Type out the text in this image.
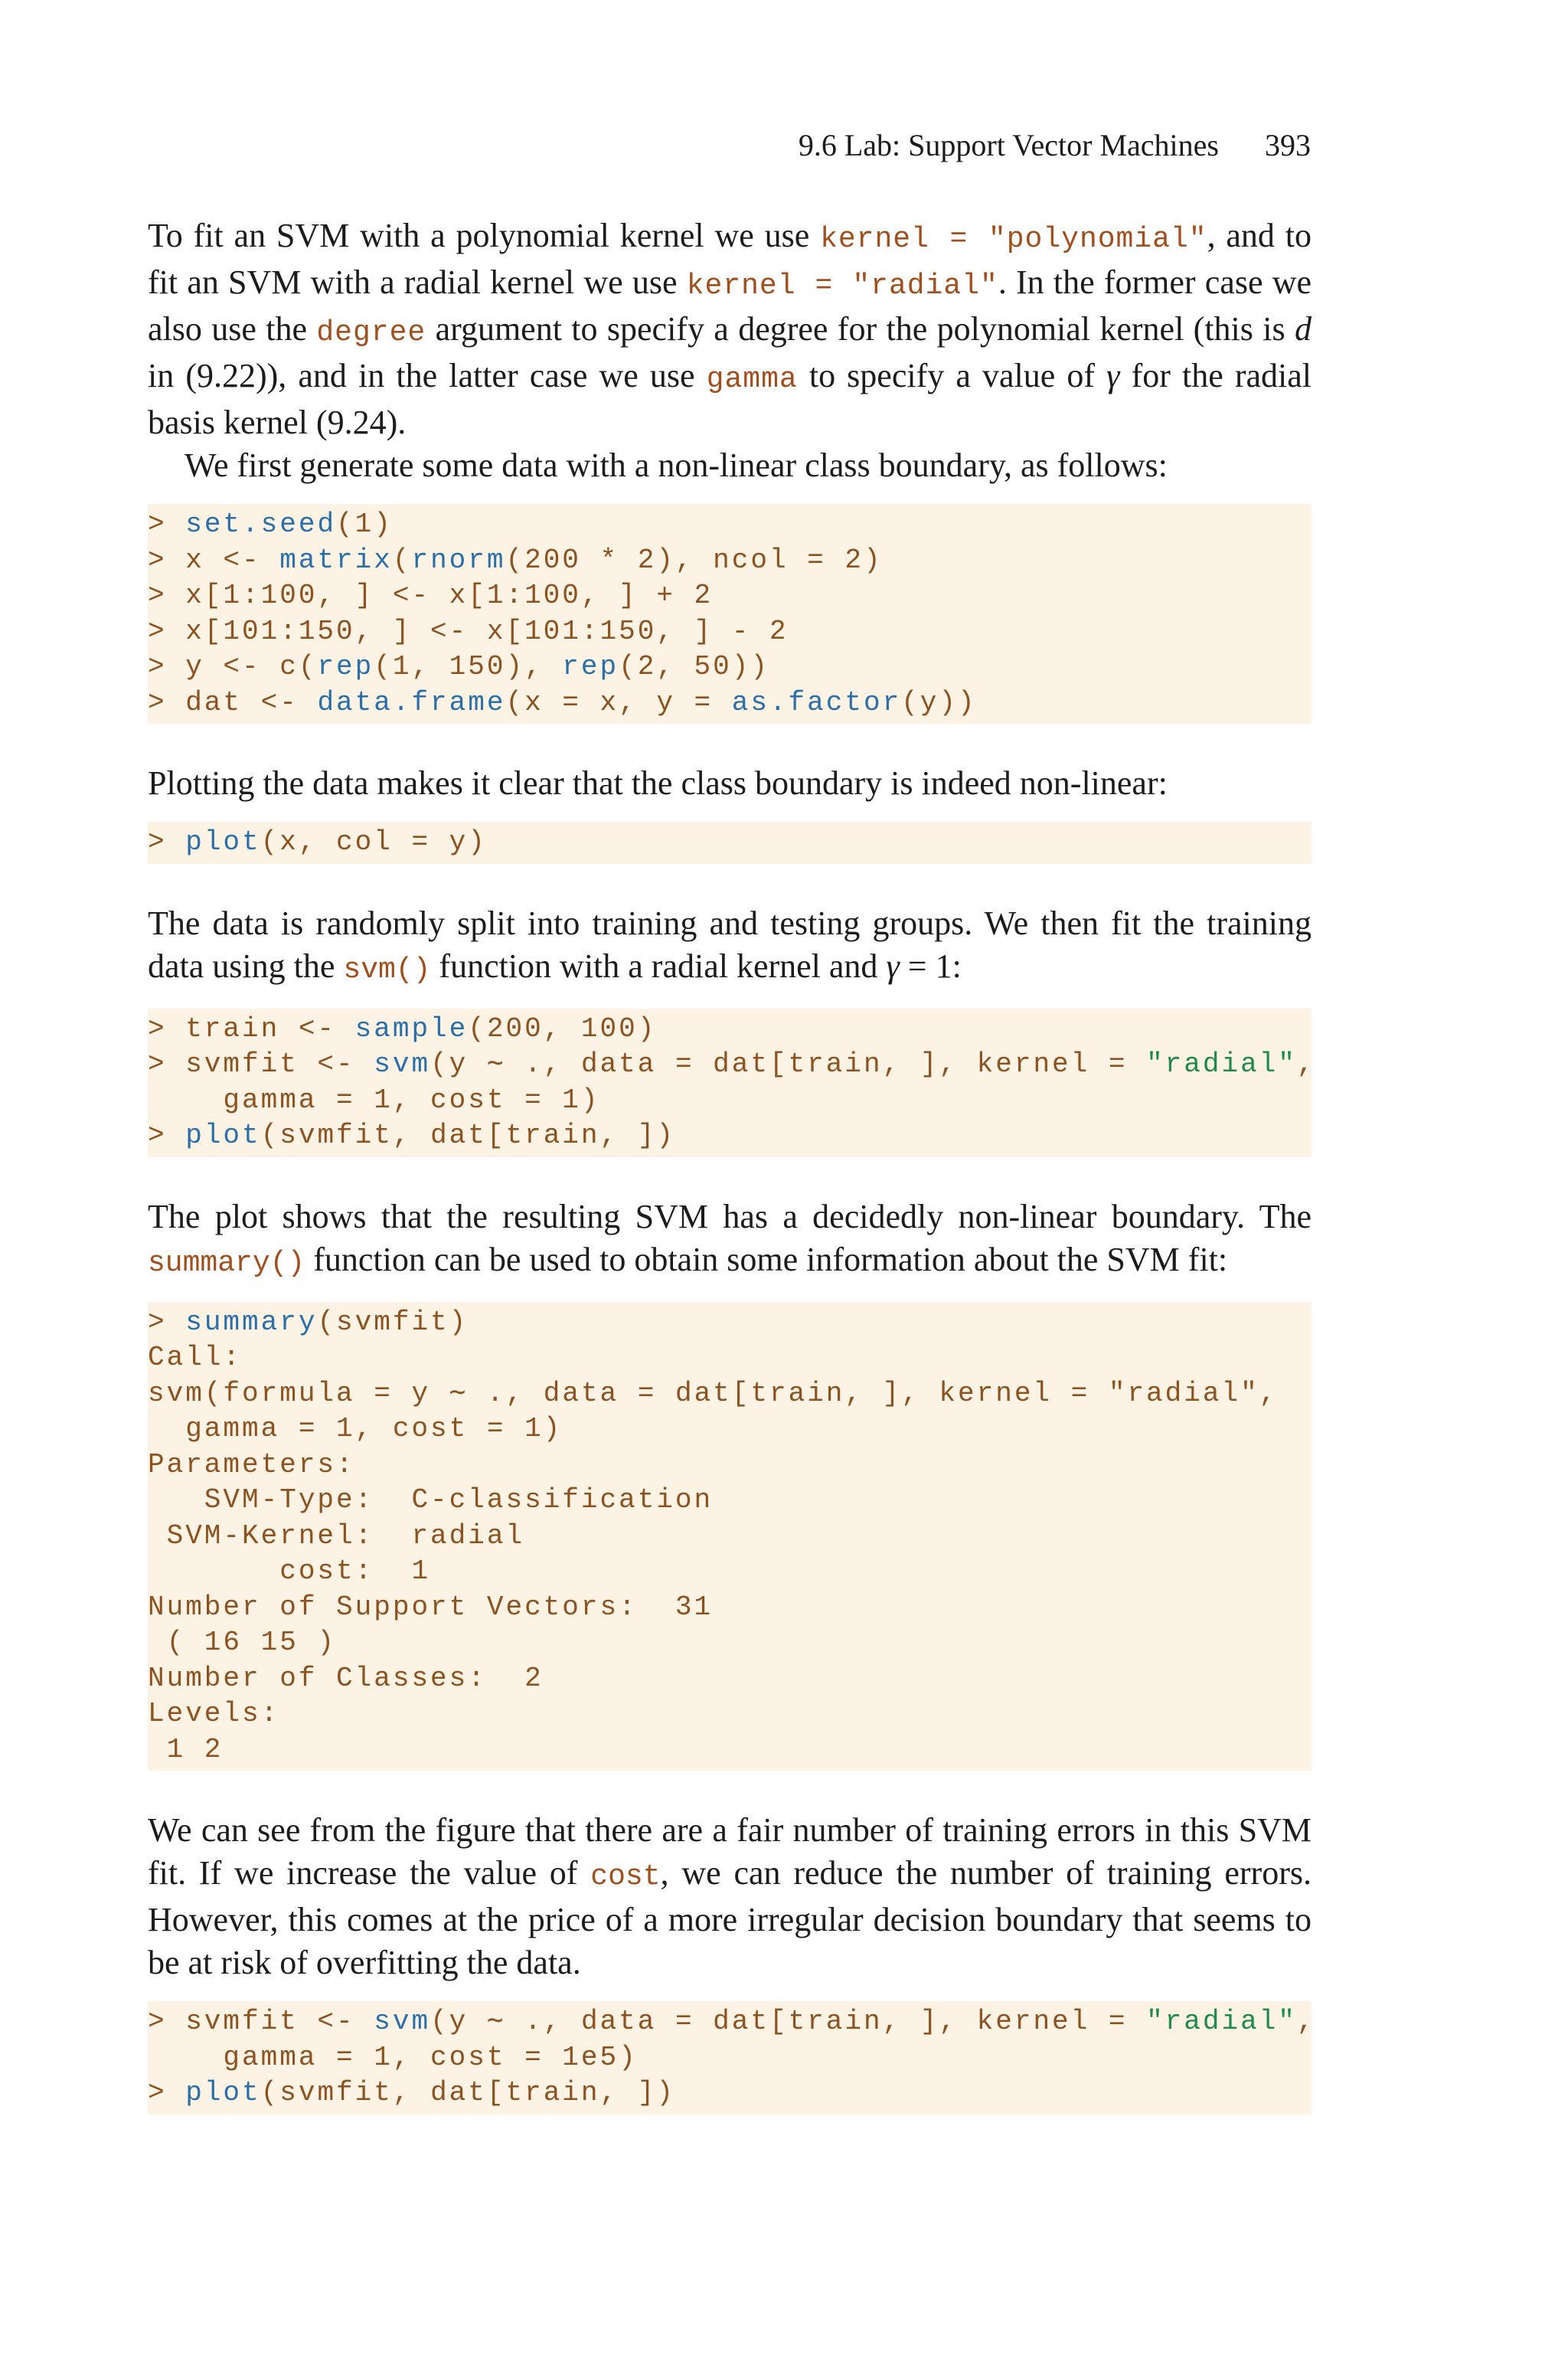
9.6 Lab: Support Vector Machines 393

To fit an SVM with a polynomial kernel we use kernel = "polynomial", and to fit an SVM with a radial kernel we use kernel = "radial". In the former case we also use the degree argument to specify a degree for the polynomial kernel (this is d in (9.22)), and in the latter case we use gamma to specify a value of γ for the radial basis kernel (9.24).

We first generate some data with a non-linear class boundary, as follows:

> set.seed(1)
> x <- matrix(rnorm(200 * 2), ncol = 2)
> x[1:100, ] <- x[1:100, ] + 2
> x[101:150, ] <- x[101:150, ] - 2
> y <- c(rep(1, 150), rep(2, 50))
> dat <- data.frame(x = x, y = as.factor(y))

Plotting the data makes it clear that the class boundary is indeed non-linear:

> plot(x, col = y)

The data is randomly split into training and testing groups. We then fit the training data using the svm() function with a radial kernel and γ = 1:

> train <- sample(200, 100)
> svmfit <- svm(y ∼ ., data = dat[train, ], kernel = "radial",
gamma = 1, cost = 1)
> plot(svmfit, dat[train, ])

The plot shows that the resulting SVM has a decidedly non-linear boundary. The summary() function can be used to obtain some information about the SVM fit:

> summary(svmfit)
Call:
svm(formula = y ∼ ., data = dat[train, ], kernel = "radial",
gamma = 1, cost = 1)
Parameters:
SVM-Type:  C-classification
SVM-Kernel:  radial
cost:  1
Number of Support Vectors:  31
( 16 15 )
Number of Classes:  2
Levels:
1 2

We can see from the figure that there are a fair number of training errors in this SVM fit. If we increase the value of cost, we can reduce the number of training errors. However, this comes at the price of a more irregular decision boundary that seems to be at risk of overfitting the data.

> svmfit <- svm(y ∼ ., data = dat[train, ], kernel = "radial",
gamma = 1, cost = 1e5)
> plot(svmfit, dat[train, ])
